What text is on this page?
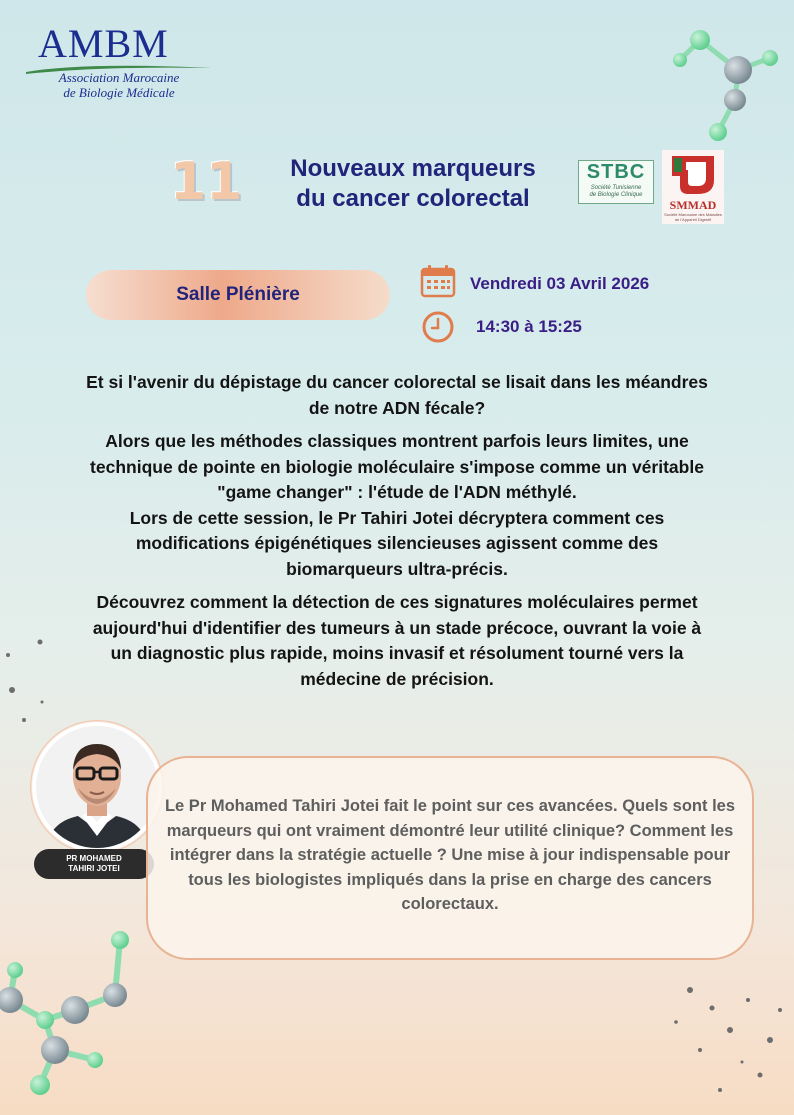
AMBM
Association Marocaine
de Biologie Médicale
11	Nouveaux marqueurs
du cancer colorectal
STBC
Société Tunisienne
de Biologie Clinique
SMMAD
Société Marocaine des Maladies de l'Appareil Digestif
Salle Plénière
Vendredi 03 Avril 2026
14:30 à 15:25

Et si l'avenir du dépistage du cancer colorectal se lisait dans les méandres de notre ADN fécale?

Alors que les méthodes classiques montrent parfois leurs limites, une technique de pointe en biologie moléculaire s'impose comme un véritable "game changer" : l'étude de l'ADN méthylé.

Lors de cette session, le Pr Tahiri Jotei décryptera comment ces modifications épigénétiques silencieuses agissent comme des biomarqueurs ultra-précis.

Découvrez comment la détection de ces signatures moléculaires permet aujourd'hui d'identifier des tumeurs à un stade précoce, ouvrant la voie à un diagnostic plus rapide, moins invasif et résolument tourné vers la médecine de précision.

PR MOHAMED
TAHIRI JOTEI
Le Pr Mohamed Tahiri Jotei fait le point sur ces avancées. Quels sont les marqueurs qui ont vraiment démontré leur utilité clinique? Comment les intégrer dans la stratégie actuelle ? Une mise à jour indispensable pour tous les biologistes impliqués dans la prise en charge des cancers colorectaux.
